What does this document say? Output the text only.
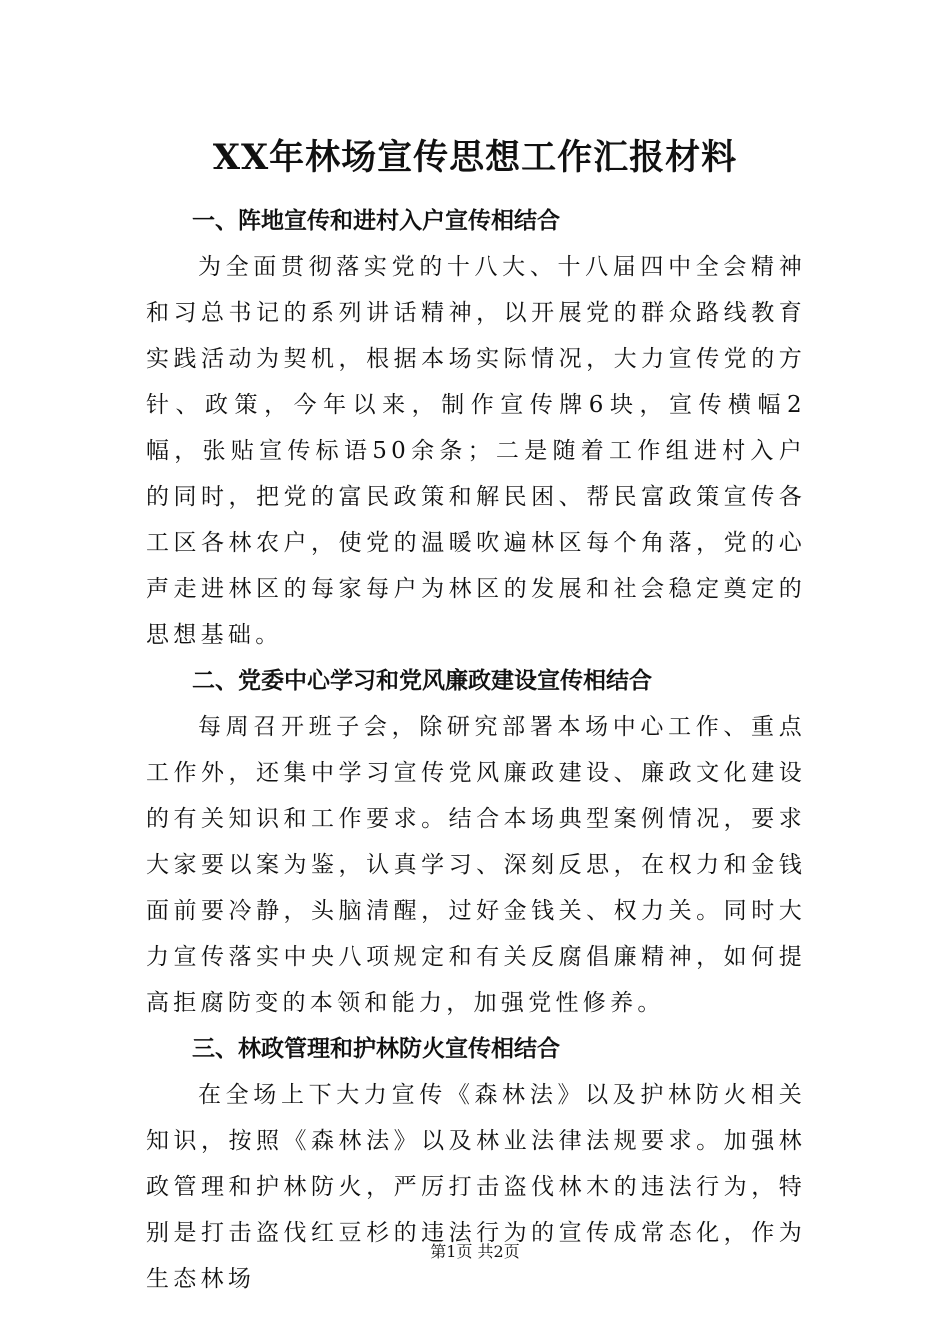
XX年林场宣传思想工作汇报材料

一、阵地宣传和进村入户宣传相结合

为全面贯彻落实党的十八大、十八届四中全会精神和习总书记的系列讲话精神，以开展党的群众路线教育实践活动为契机，根据本场实际情况，大力宣传党的方针、政策，今年以来，制作宣传牌6块，宣传横幅2幅，张贴宣传标语50余条；二是随着工作组进村入户的同时，把党的富民政策和解民困、帮民富政策宣传各工区各林农户，使党的温暖吹遍林区每个角落，党的心声走进林区的每家每户为林区的发展和社会稳定奠定的思想基础。

二、党委中心学习和党风廉政建设宣传相结合

每周召开班子会，除研究部署本场中心工作、重点工作外，还集中学习宣传党风廉政建设、廉政文化建设的有关知识和工作要求。结合本场典型案例情况，要求大家要以案为鉴，认真学习、深刻反思，在权力和金钱面前要冷静，头脑清醒，过好金钱关、权力关。同时大力宣传落实中央八项规定和有关反腐倡廉精神，如何提高拒腐防变的本领和能力，加强党性修养。

三、林政管理和护林防火宣传相结合

在全场上下大力宣传《森林法》以及护林防火相关知识，按照《森林法》以及林业法律法规要求。加强林政管理和护林防火，严厉打击盗伐林木的违法行为，特别是打击盗伐红豆杉的违法行为的宣传成常态化，作为生态林场

第1页 共2页
